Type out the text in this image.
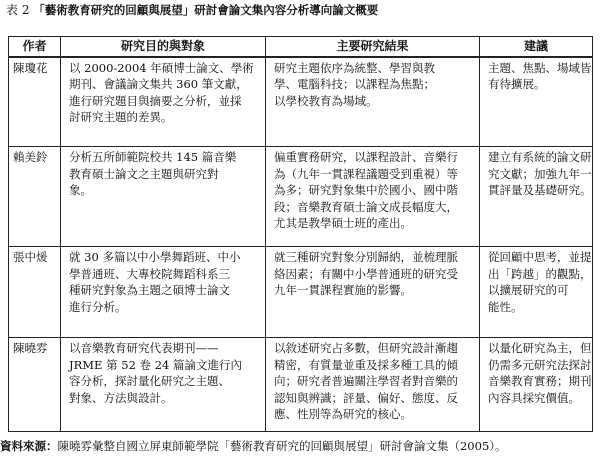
表 2 「藝術教育研究的回顧與展望」研討會論文集內容分析導向論文概要
作者	研究目的與對象	主要研究結果	建議
陳瓊花	以 2000-2004 年碩博士論文、學術
期刊、會議論文集共 360 筆文獻，
進行研究題目與摘要之分析，並採
討研究主題的差異。	研究主題依序為統整、學習與教
學、電腦科技；以課程為焦點；
以學校教育為場域。	主題、焦點、場域皆
有待擴展。

賴美鈴	分析五所師範院校共 145 篇音樂
教育碩士論文之主題與研究對
象。	偏重實務研究，以課程設計、音樂行
為（九年一貫課程議題受到重視）等
為多；研究對象集中於國小、國中階
段；音樂教育碩士論文成長幅度大，
尤其是教學碩士班的產出。	建立有系統的論文研
究文獻；加強九年一
貫評量及基礎研究。

張中煖	就 30 多篇以中小學舞蹈班、中小
學普通班、大專校院舞蹈科系三
種研究對象為主題之碩博士論文
進行分析。	就三種研究對象分別歸納，並梳理脈
絡因素；有關中小學普通班的研究受
九年一貫課程實施的影響。	從回顧中思考，並提
出「跨越」的觀點，
以擴展研究的可
能性。

陳曉雰	以音樂教育研究代表期刊——
JRME 第 52 卷 24 篇論文進行內
容分析，探討量化研究之主題、
對象、方法與設計。	以敘述研究占多數，但研究設計漸趨
精密，有質量並重及採多種工具的傾
向；研究者普遍關注學習者對音樂的
認知與辨識；評量、偏好、態度、反
應、性別等為研究的核心。	以量化研究為主，但
仍需多元研究法探討
音樂教育實務；期刊
內容具採究價值。
資料來源：陳曉雰彙整自國立屏東師範學院「藝術教育研究的回顧與展望」研討會論文集（2005）。
